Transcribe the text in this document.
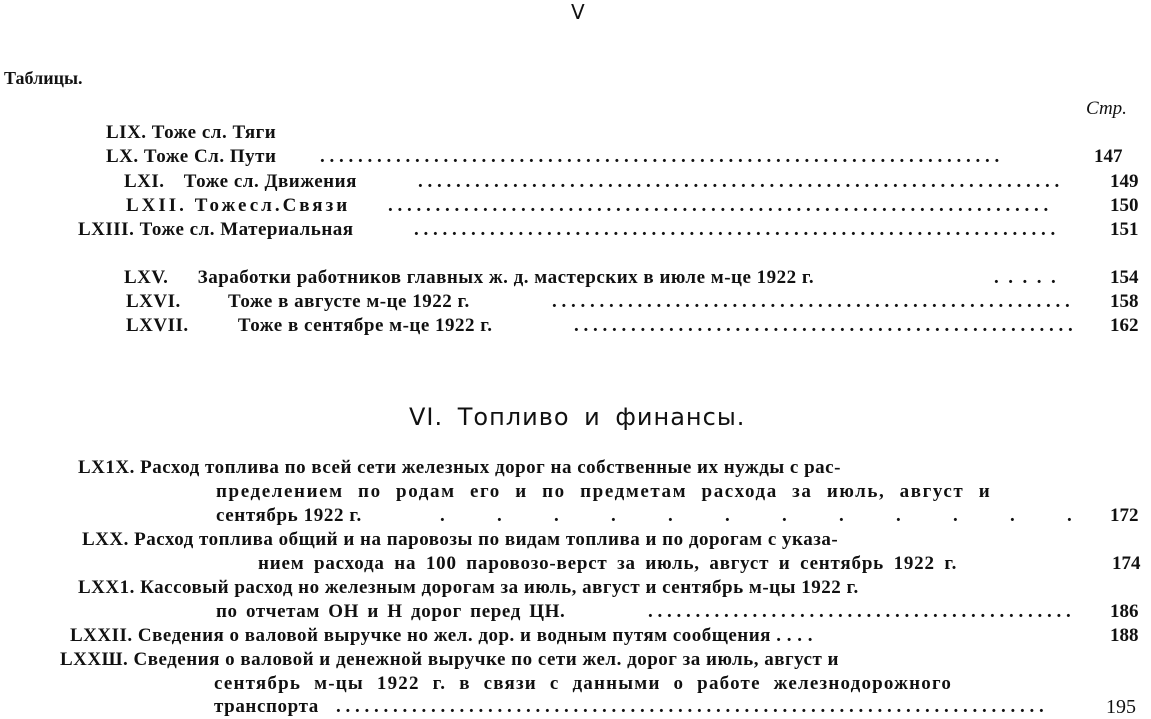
V
Таблицы.
Стр.
LIX. Тоже сл. Тяги
LX. Тоже Сл. Пути . . . . . . . . . . . . . . . . . . . . . . . . . . . . . . . . . . . . . . . . . . . . . . . . . . . . . . . . . . . . . . . . . . . . . . . .	147
LXI. Тоже сл. Движения	. . . . . . . . . . . . . . . . . . . . . . . . . . . . . . . . . . . . . . . . . . . . . . . . . . . . . . . . . . . . . . . . . . . .	149
LXII. Тожесл.Связи . . . . . . . . . . . . . . . . . . . . . . . . . . . . . . . . . . . . . . . . . . . . . . . . . . . . . . . . . . . . . . . . . . . . . .	150
LXIII. Тоже сл. Материальная	. . . . . . . . . . . . . . . . . . . . . . . . . . . . . . . . . . . . . . . . . . . . . . . . . . . . . . . . . . . . . . . . . . . .	151
LXV. Заработки работников главных ж. д. мастерских в июле м-це 1922 г.	.  .  .  .  .	154
LXVI. Тоже в августе м-це 1922 г.	. . . . . . . . . . . . . . . . . . . . . . . . . . . . . . . . . . . . . . . . . . . . . . . . . . . . . . .	158
LXVII.	Тоже в сентябре м-це 1922 г.	. . . . . . . . . . . . . . . . . . . . . . . . . . . . . . . . . . . . . . . . . . . . . . . . . . . . .	162
VI. Топливо и финансы.
LX1X. Расход топлива по всей сети железных дорог на собственные их нужды с рас-
пределением по родам его и по предметам расхода за июль, август и
сентябрь 1922 г.	.           .           .           .           .           .           .           .           .           .           .           .	172
LXX. Расход топлива общий и на паровозы по видам топлива и по дорогам с указа-
нием расхода на 100 паровозо-верст за июль, август и сентябрь 1922 г.	174
LXX1. Кассовый расход но железным дорогам за июль, август и сентябрь м-цы 1922 г.
по отчетам ОН и Н дорог перед ЦН.	. . . . . . . . . . . . . . . . . . . . . . . . . . . . . . . . . . . . . . . . . . . . .	186
LXXII. Сведения о валовой выручке но жел. дор. и водным путям сообщения . . . .	188
LXXШ. Сведения о валовой и денежной выручке по сети жел. дорог за июль, август и
сентябрь м-цы 1922 г. в связи с данными о работе железнодорожного
транспорта . . . . . . . . . . . . . . . . . . . . . . . . . . . . . . . . . . . . . . . . . . . . . . . . . . . . . . . . . . . . . . . . . . . . . . . . . . .	195
